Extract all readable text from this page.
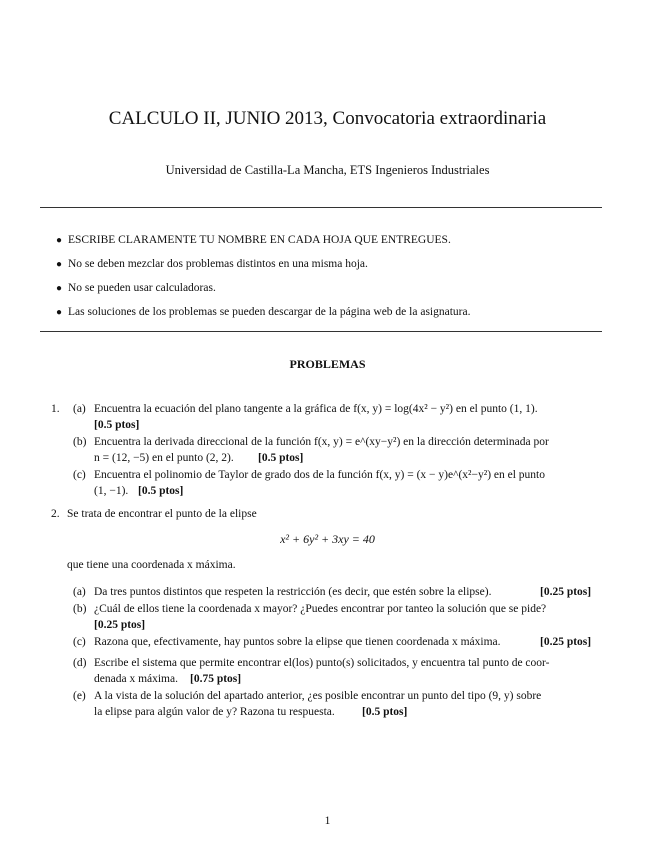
CALCULO II, JUNIO 2013, Convocatoria extraordinaria
Universidad de Castilla-La Mancha, ETS Ingenieros Industriales
● ESCRIBE CLARAMENTE TU NOMBRE EN CADA HOJA QUE ENTREGUES.
● No se deben mezclar dos problemas distintos en una misma hoja.
● No se pueden usar calculadoras.
● Las soluciones de los problemas se pueden descargar de la página web de la asignatura.
PROBLEMAS
1. (a) Encuentra la ecuación del plano tangente a la gráfica de f(x, y) = log(4x² − y²) en el punto (1, 1).
[0.5 ptos]
(b) Encuentra la derivada direccional de la función f(x, y) = e^(xy−y²) en la dirección determinada por
n = (12, −5) en el punto (2, 2). [0.5 ptos]
(c) Encuentra el polinomio de Taylor de grado dos de la función f(x, y) = (x − y)e^(x²−y²) en el punto
(1, −1). [0.5 ptos]
2. Se trata de encontrar el punto de la elipse
x² + 6y² + 3xy = 40
que tiene una coordenada x máxima.
(a) Da tres puntos distintos que respeten la restricción (es decir, que estén sobre la elipse).	[0.25 ptos]
(b) ¿Cuál de ellos tiene la coordenada x mayor? ¿Puedes encontrar por tanteo la solución que se pide?
[0.25 ptos]
(c) Razona que, efectivamente, hay puntos sobre la elipse que tienen coordenada x máxima.	[0.25 ptos]
(d) Escribe el sistema que permite encontrar el(los) punto(s) solicitados, y encuentra tal punto de coor-
denada x máxima. [0.75 ptos]
(e) A la vista de la solución del apartado anterior, ¿es posible encontrar un punto del tipo (9, y) sobre
la elipse para algún valor de y? Razona tu respuesta. [0.5 ptos]
1
